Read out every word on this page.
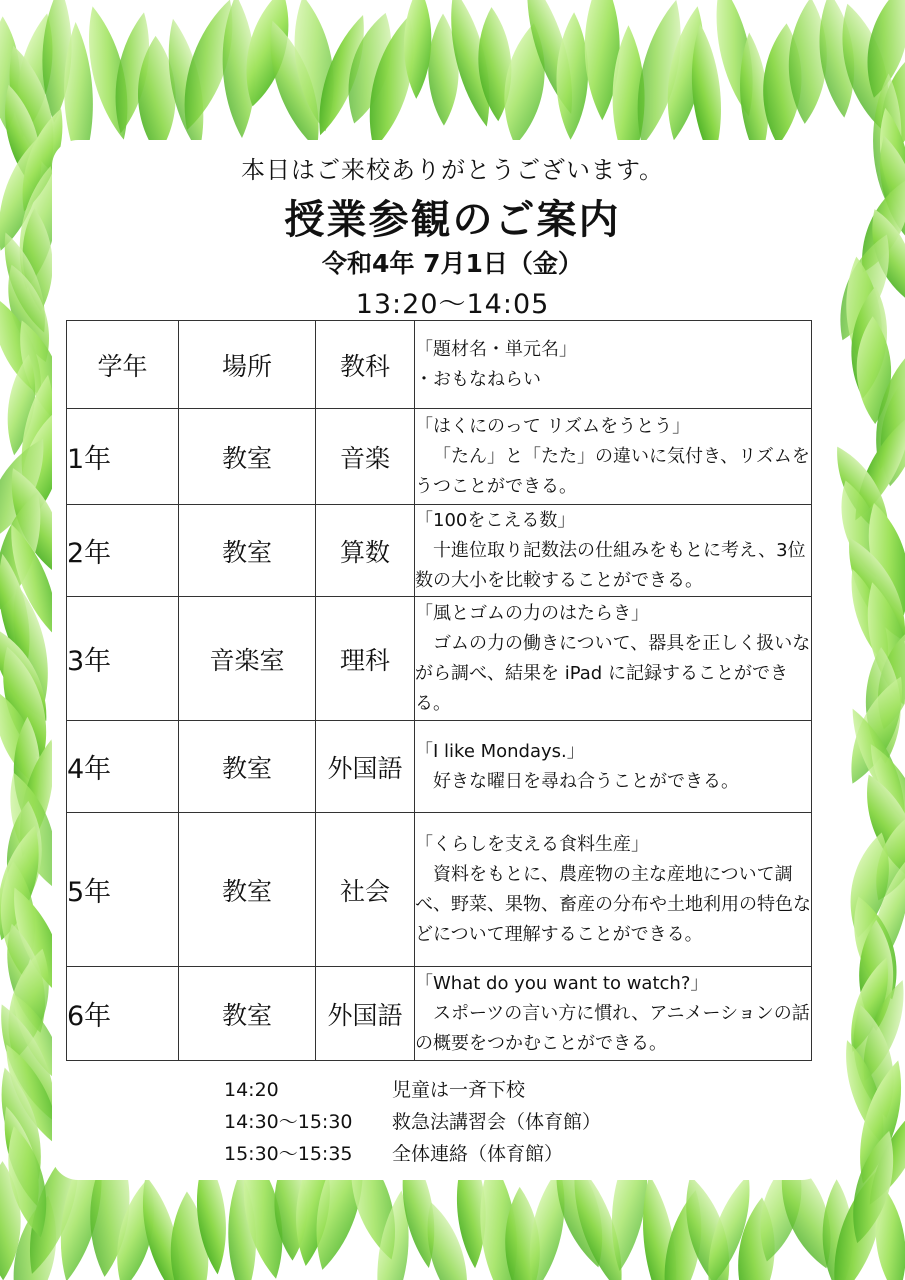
本日はご来校ありがとうございます。
授業参観のご案内
令和4年 7月1日（金）
13:20～14:05
学年	場所	教科	「題材名・単元名」
・おもなねらい

1年	教室	音楽	「はくにのって リズムをうとう」
「たん」と「たた」の違いに気付き、リズムをうつことができる。

2年	教室	算数	「100をこえる数」
十進位取り記数法の仕組みをもとに考え、3位数の大小を比較することができる。

3年	音楽室	理科	「風とゴムの力のはたらき」
ゴムの力の働きについて、器具を正しく扱いながら調べ、結果を iPad に記録することができる。

4年	教室	外国語	「I like Mondays.」
好きな曜日を尋ね合うことができる。

5年	教室	社会	「くらしを支える食料生産」
資料をもとに、農産物の主な産地について調べ、野菜、果物、畜産の分布や土地利用の特色などについて理解することができる。

6年	教室	外国語	「What do you want to watch?」
スポーツの言い方に慣れ、アニメーションの話の概要をつかむことができる。
14:20	児童は一斉下校
14:30～15:30	救急法講習会（体育館）
15:30～15:35	全体連絡（体育館）
